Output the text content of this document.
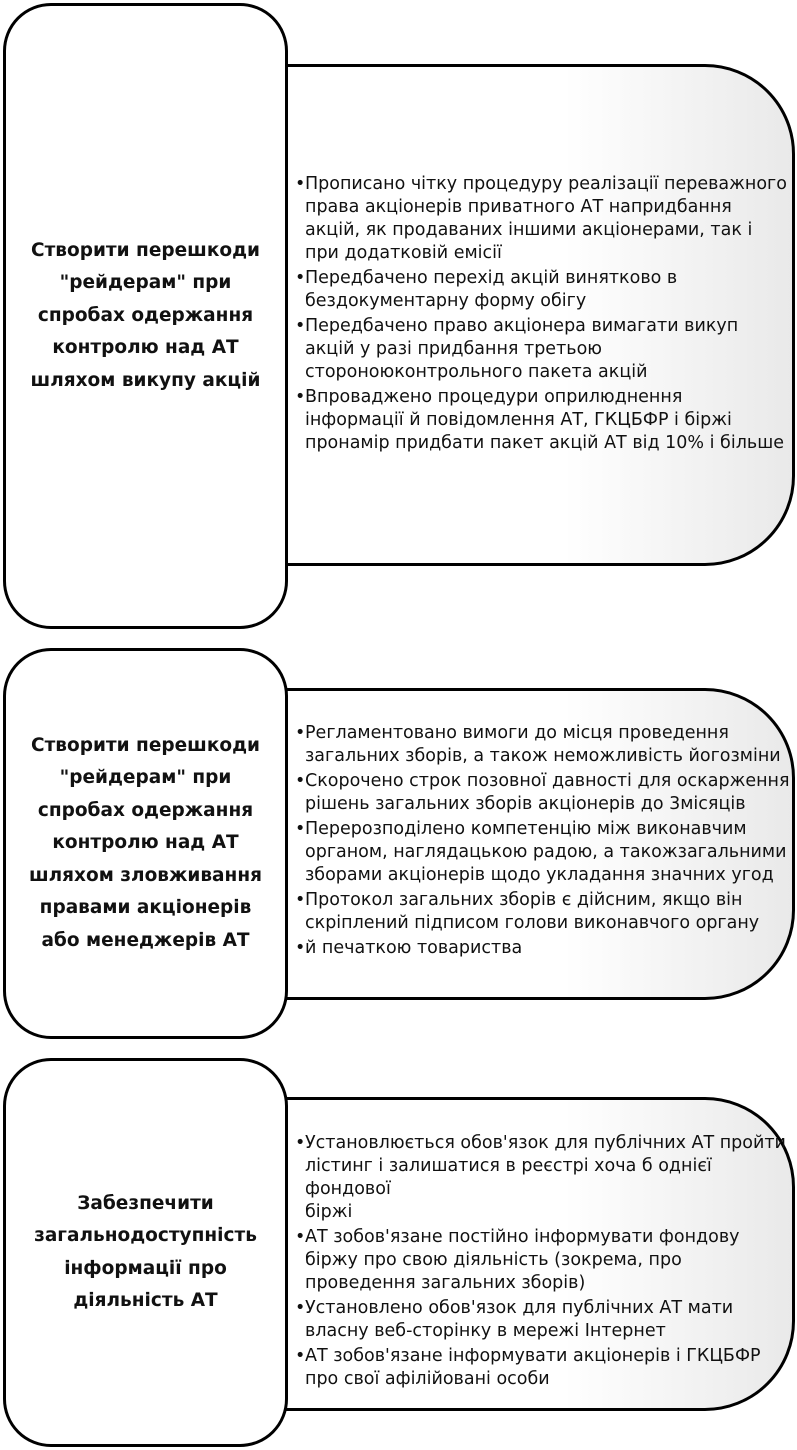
• Прописано чітку процедуру реалізації переважного
права акціонерів приватного АТ напридбання
акцій, як продаваних іншими акціонерами, так і
при додатковій емісії
• Передбачено перехід акцій винятково в
бездокументарну форму обігу
• Передбачено право акціонера вимагати викуп
акцій у разі придбання третьою
стороноюконтрольного пакета акцій
• Впроваджено процедури оприлюднення
інформації й повідомлення АТ, ГКЦБФР і біржі
пронамір придбати пакет акцій АТ від 10% і більше
Створити перешкоди
"рейдерам" при
спробах одержання
контролю над АТ
шляхом викупу акцій
• Регламентовано вимоги до місця проведення
загальних зборів, а також неможливість йогозміни
• Скорочено строк позовної давності для оскарження
рішень загальних зборів акціонерів до 3місяців
• Перерозподілено компетенцію між виконавчим
органом, наглядацькою радою, а такожзагальними
зборами акціонерів щодо укладання значних угод
• Протокол загальних зборів є дійсним, якщо він
скріплений підписом голови виконавчого органу
• й печаткою товариства
Створити перешкоди
"рейдерам" при
спробах одержання
контролю над АТ
шляхом зловживання
правами акціонерів
або менеджерів АТ
• Установлюється обов'язок для публічних АТ пройти
лістинг і залишатися в реєстрі хоча б однієї фондової
біржі
• АТ зобов'язане постійно інформувати фондову
біржу про свою діяльність (зокрема, про
проведення загальних зборів)
• Установлено обов'язок для публічних АТ мати
власну веб-сторінку в мережі Інтернет
• АТ зобов'язане інформувати акціонерів і ГКЦБФР
про свої афілійовані особи
Забезпечити
загальнодоступність
інформації про
діяльність АТ
